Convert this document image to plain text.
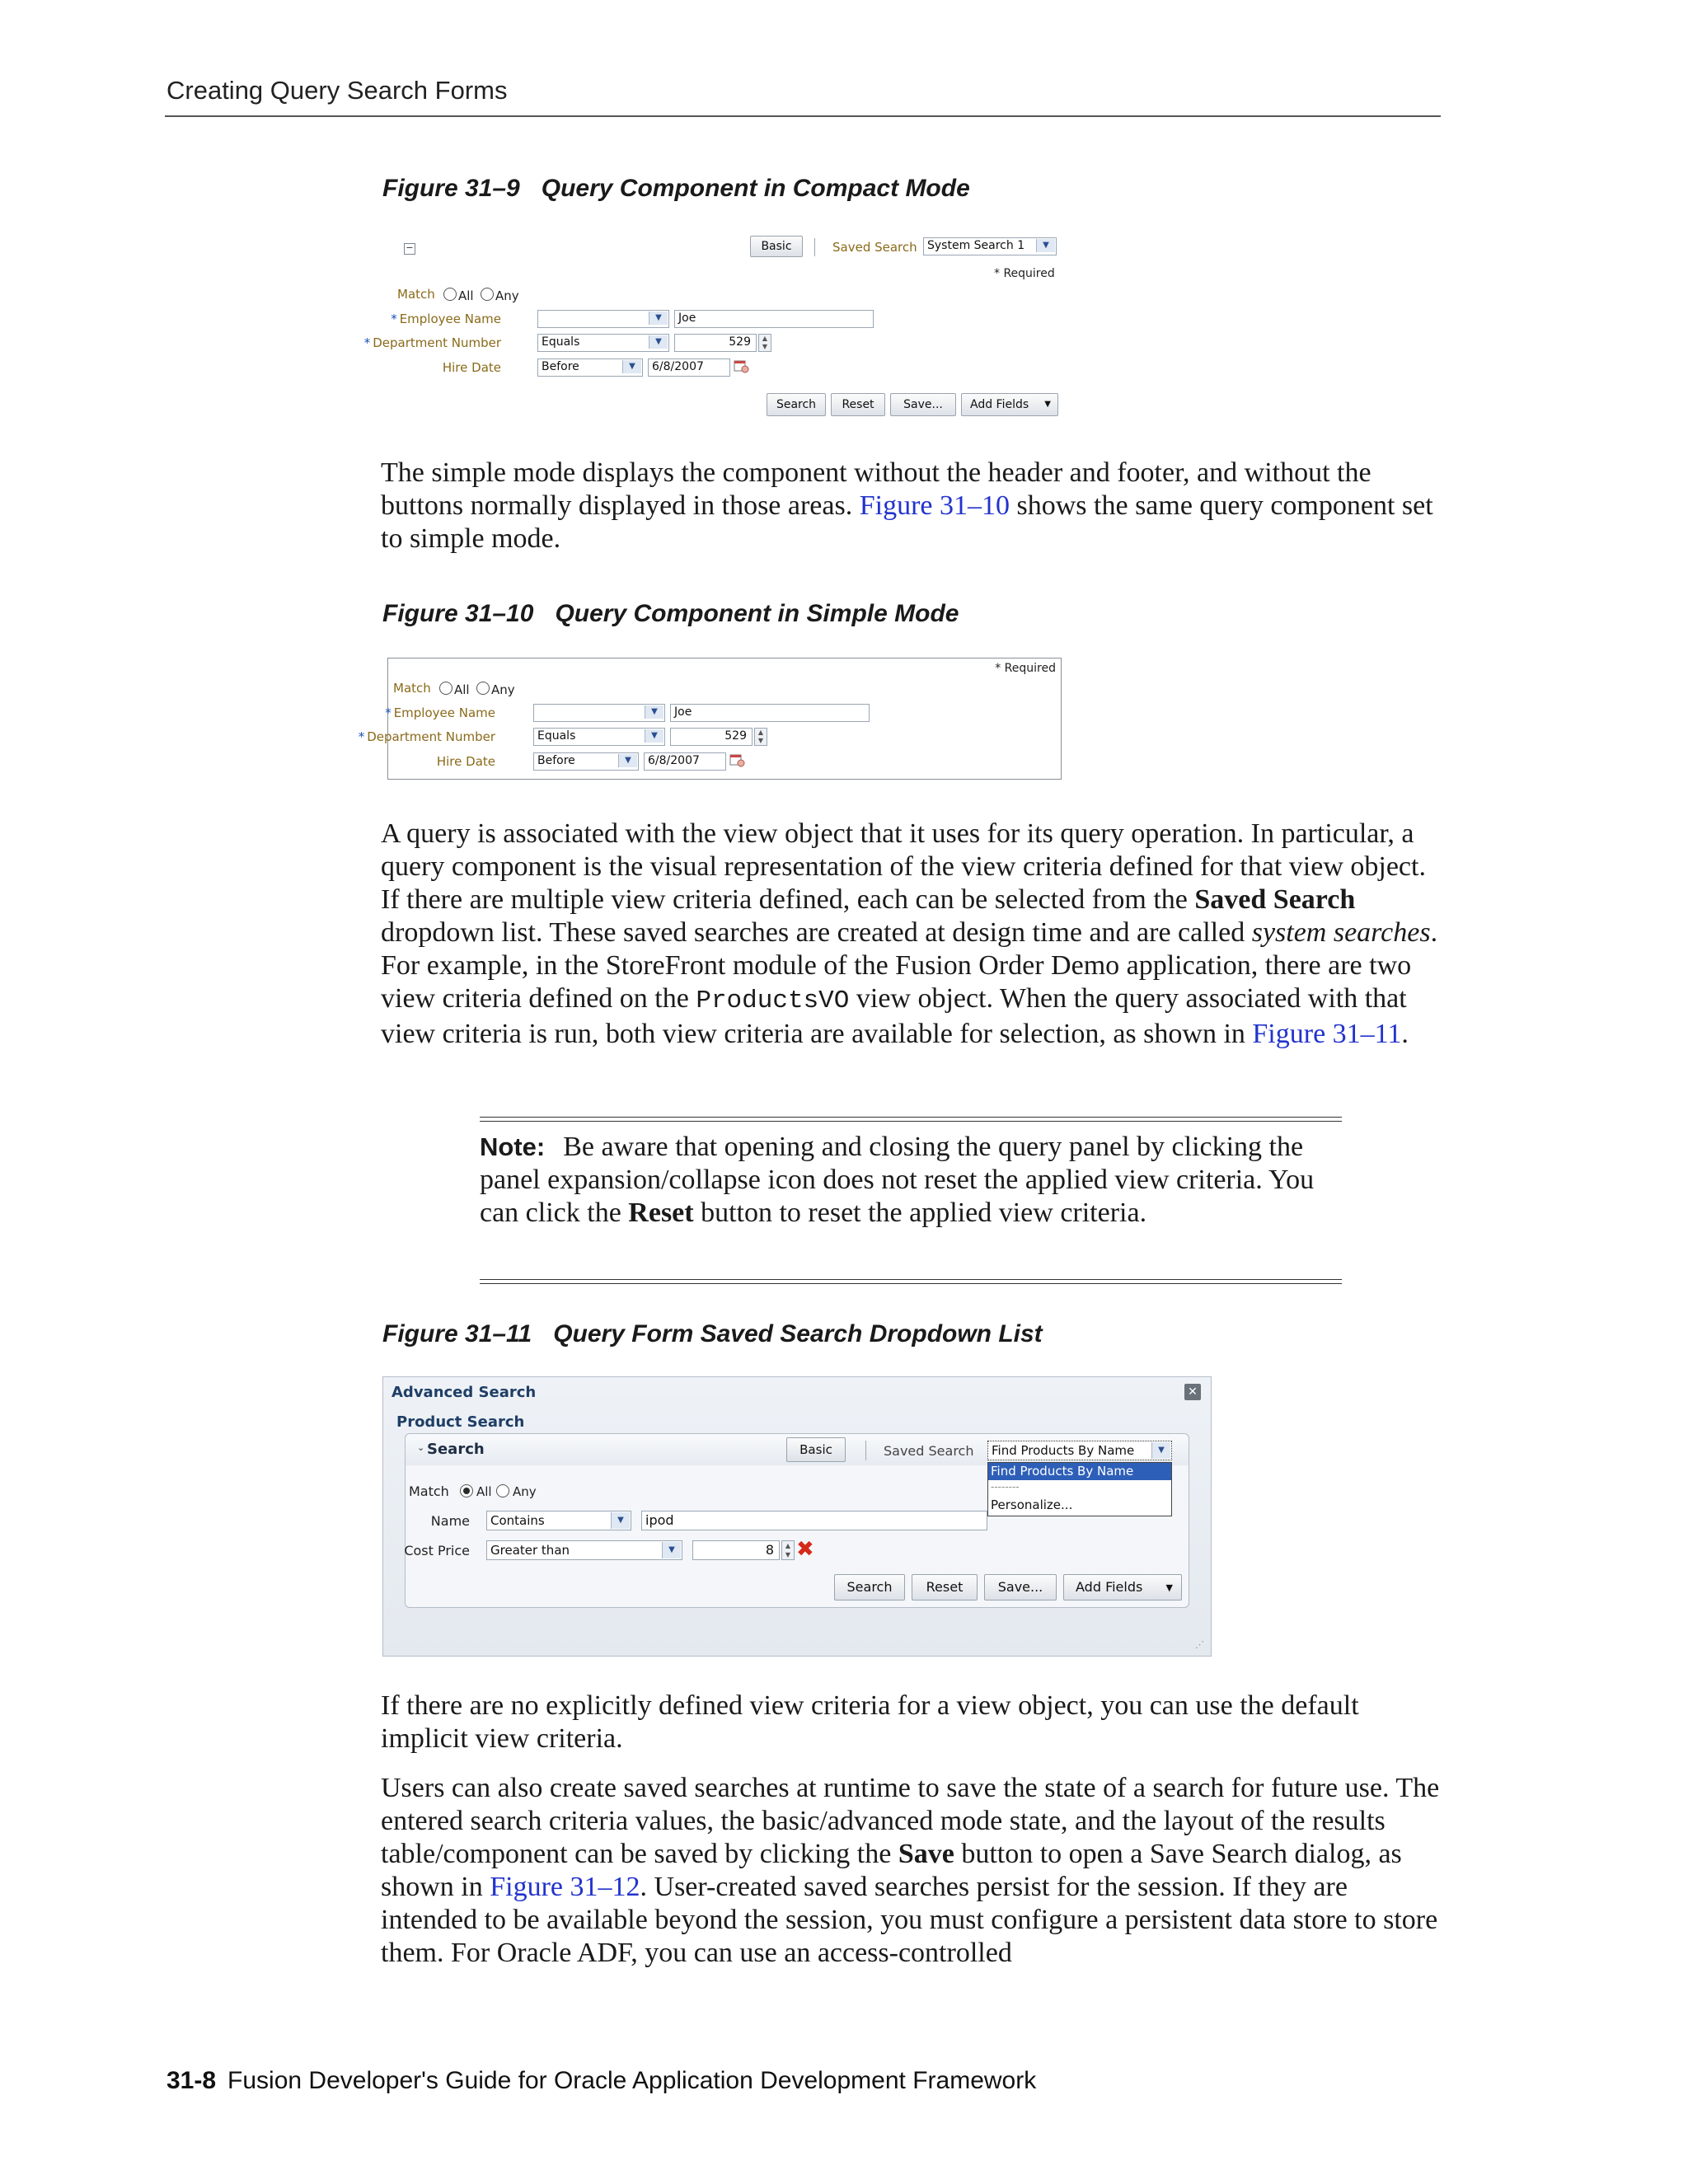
Creating Query Search Forms
Figure 31–9 Query Component in Compact Mode
−	Basic	Saved Search System Search 1	▼
* Required
Match All Any
* Employee Name	▼	Joe
* Department Number	Equals	▼	529	▲
▼
Hire Date	Before	▼	6/8/2007
Search	Reset	Save...	Add Fields ▼
The simple mode displays the component without the header and footer, and without the buttons normally displayed in those areas. Figure 31–10 shows the same query component set to simple mode.
Figure 31–10 Query Component in Simple Mode
* Required
Match All Any
* Employee Name	▼	Joe
* Department Number	Equals	▼	529	▲
▼
Hire Date	Before	▼	6/8/2007
A query is associated with the view object that it uses for its query operation. In particular, a query component is the visual representation of the view criteria defined for that view object. If there are multiple view criteria defined, each can be selected from the Saved Search dropdown list. These saved searches are created at design time and are called system searches. For example, in the StoreFront module of the Fusion Order Demo application, there are two view criteria defined on the ProductsVO view object. When the query associated with that view criteria is run, both view criteria are available for selection, as shown in Figure 31–11.
Note: Be aware that opening and closing the query panel by clicking the panel expansion/collapse icon does not reset the applied view criteria. You can click the Reset button to reset the applied view criteria.
Figure 31–11 Query Form Saved Search Dropdown List
Advanced Search	✕
Product Search
⌄ Search	Basic	Saved Search	Find Products By Name	▼
Match All Any
Name	Contains	▼	ipod
Cost Price	Greater than	▼	8	▲
▼ ✖
Search	Reset	Save...	Add Fields	▼
Find Products By Name
--------
Personalize...
⋰
If there are no explicitly defined view criteria for a view object, you can use the default implicit view criteria.
Users can also create saved searches at runtime to save the state of a search for future use. The entered search criteria values, the basic/advanced mode state, and the layout of the results table/component can be saved by clicking the Save button to open a Save Search dialog, as shown in Figure 31–12. User-created saved searches persist for the session. If they are intended to be available beyond the session, you must configure a persistent data store to store them. For Oracle ADF, you can use an access-controlled
31-8 Fusion Developer's Guide for Oracle Application Development Framework
